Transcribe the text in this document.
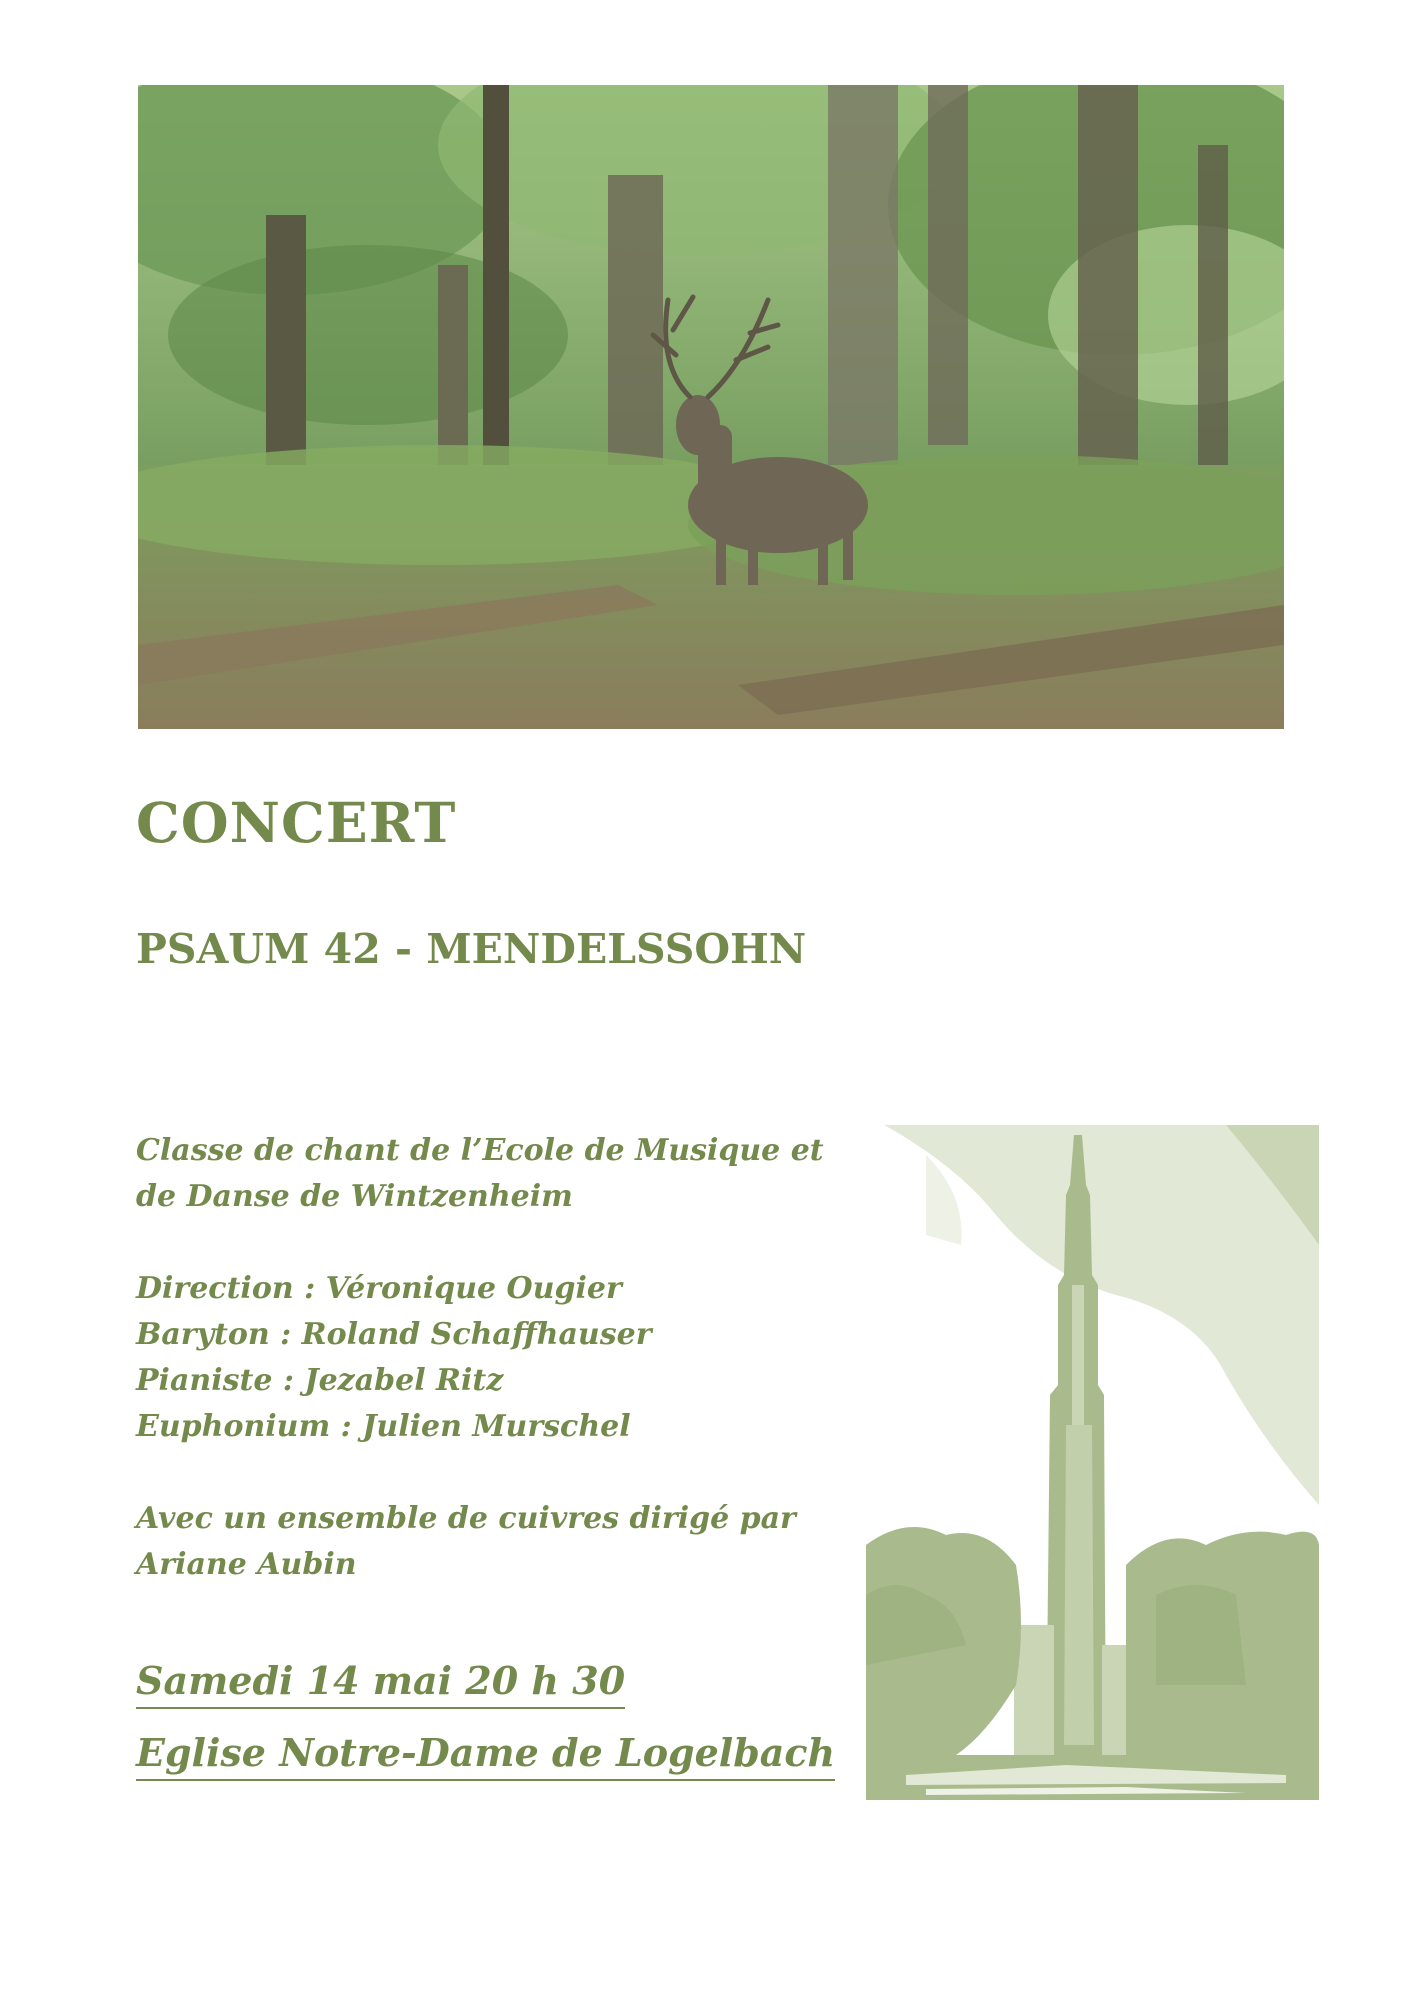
CONCERT
PSAUM 42 - MENDELSSOHN

Classe de chant de l’Ecole de Musique et

de Danse de Wintzenheim

Direction : Véronique Ougier

Baryton : Roland Schaffhauser

Pianiste : Jezabel Ritz

Euphonium : Julien Murschel

Avec un ensemble de cuivres dirigé par

Ariane Aubin

Samedi 14 mai 20 h 30

Eglise Notre-Dame de Logelbach
